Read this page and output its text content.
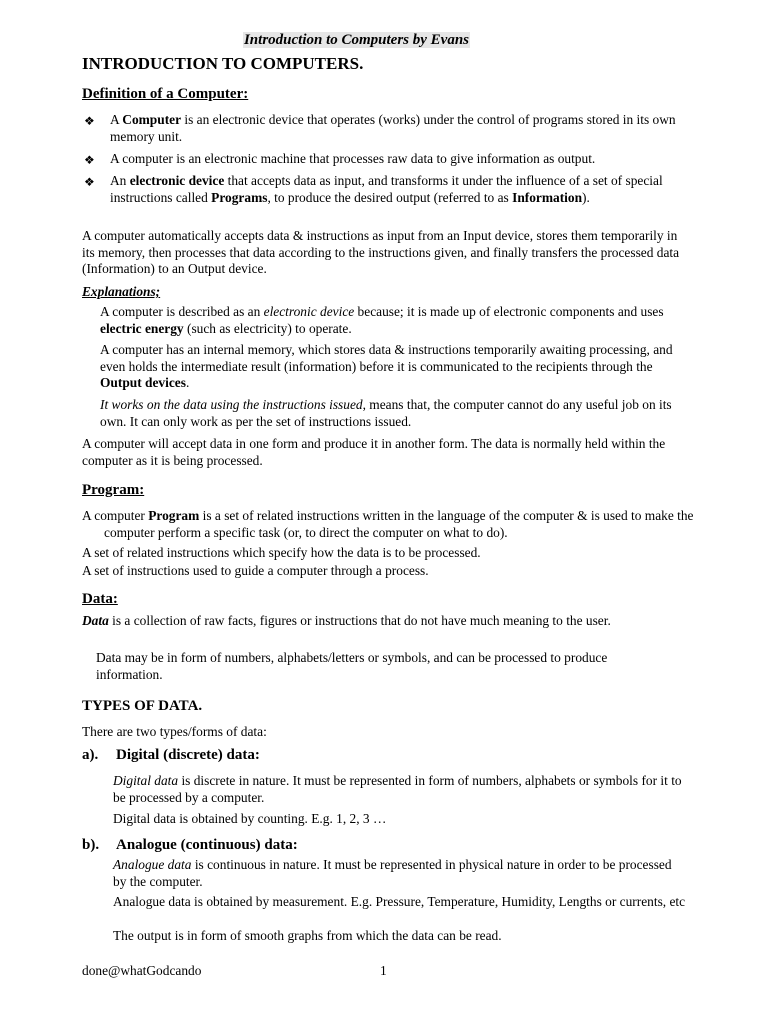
Introduction to Computers by Evans
INTRODUCTION TO COMPUTERS.
Definition of a Computer:
❖	A Computer is an electronic device that operates (works) under the control of programs stored in its own memory unit.
❖	A computer is an electronic machine that processes raw data to give information as output.
❖	An electronic device that accepts data as input, and transforms it under the influence of a set of special instructions called Programs, to produce the desired output (referred to as Information).
A computer automatically accepts data & instructions as input from an Input device, stores them temporarily in its memory, then processes that data according to the instructions given, and finally transfers the processed data (Information) to an Output device.
Explanations;
A computer is described as an electronic device because; it is made up of electronic components and uses electric energy (such as electricity) to operate.
A computer has an internal memory, which stores data & instructions temporarily awaiting processing, and even holds the intermediate result (information) before it is communicated to the recipients through the Output devices.
It works on the data using the instructions issued, means that, the computer cannot do any useful job on its own. It can only work as per the set of instructions issued.
A computer will accept data in one form and produce it in another form. The data is normally held within the computer as it is being processed.
Program:
A computer Program is a set of related instructions written in the language of the computer & is used to make the computer perform a specific task (or, to direct the computer on what to do).
A set of related instructions which specify how the data is to be processed.
A set of instructions used to guide a computer through a process.
Data:
Data is a collection of raw facts, figures or instructions that do not have much meaning to the user.
Data may be in form of numbers, alphabets/letters or symbols, and can be processed to produce information.
TYPES OF DATA.
There are two types/forms of data:
a). Digital (discrete) data:
Digital data is discrete in nature. It must be represented in form of numbers, alphabets or symbols for it to be processed by a computer.
Digital data is obtained by counting. E.g. 1, 2, 3 …
b). Analogue (continuous) data:
Analogue data is continuous in nature. It must be represented in physical nature in order to be processed by the computer.
Analogue data is obtained by measurement. E.g. Pressure, Temperature, Humidity, Lengths or currents, etc
The output is in form of smooth graphs from which the data can be read.
done@whatGodcando	1
